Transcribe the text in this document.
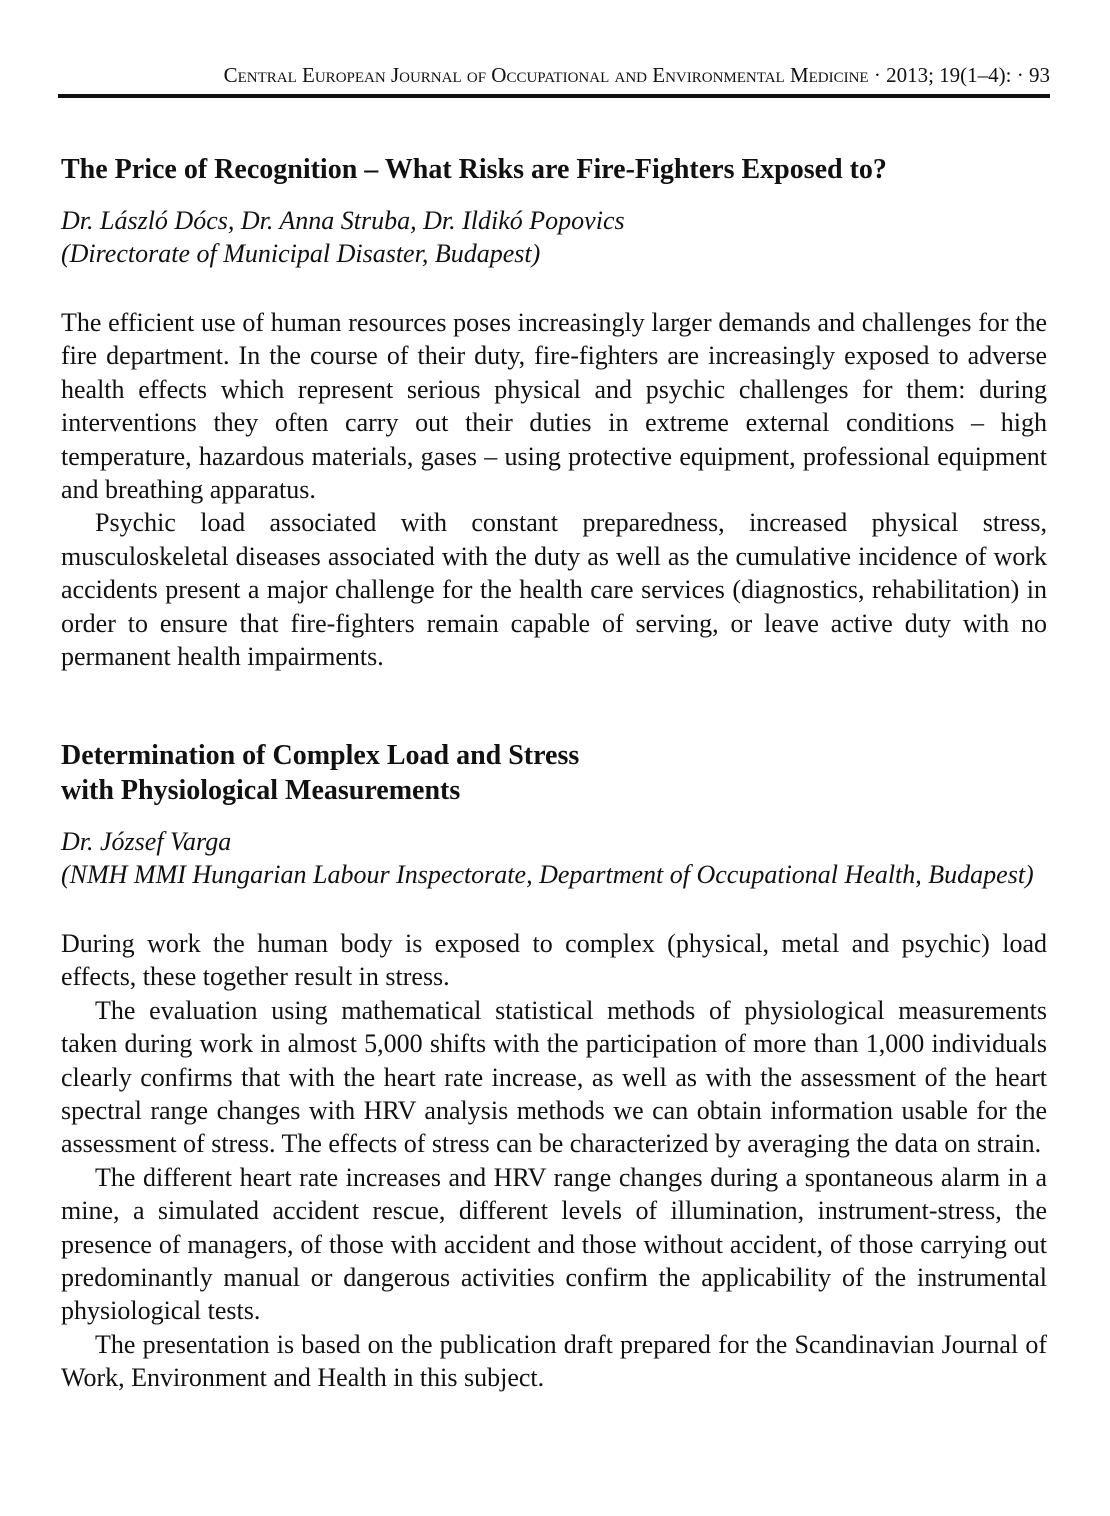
Central European Journal of Occupational and Environmental Medicine · 2013; 19(1–4): · 93
The Price of Recognition – What Risks are Fire-Fighters Exposed to?

Dr. László Dócs, Dr. Anna Struba, Dr. Ildikó Popovics

(Directorate of Municipal Disaster, Budapest)

The efficient use of human resources poses increasingly larger demands and challenges for the fire department. In the course of their duty, fire-fighters are increasingly exposed to adverse health effects which represent serious physical and psychic challenges for them: during interventions they often carry out their duties in extreme external conditions – high temperature, hazardous materials, gases – using protective equipment, professional equipment and breathing apparatus.

Psychic load associated with constant preparedness, increased physical stress, musculoskeletal diseases associated with the duty as well as the cumulative incidence of work accidents present a major challenge for the health care services (diagnostics, rehabilitation) in order to ensure that fire-fighters remain capable of serving, or leave active duty with no permanent health impairments.

Determination of Complex Load and Stress
with Physiological Measurements

Dr. József Varga

(NMH MMI Hungarian Labour Inspectorate, Department of Occupational Health, Budapest)

During work the human body is exposed to complex (physical, metal and psychic) load effects, these together result in stress.

The evaluation using mathematical statistical methods of physiological measurements taken during work in almost 5,000 shifts with the participation of more than 1,000 individuals clearly confirms that with the heart rate increase, as well as with the assessment of the heart spectral range changes with HRV analysis methods we can obtain information usable for the assessment of stress. The effects of stress can be characterized by averaging the data on strain.

The different heart rate increases and HRV range changes during a spontaneous alarm in a mine, a simulated accident rescue, different levels of illumination, instrument-stress, the presence of managers, of those with accident and those without accident, of those carrying out predominantly manual or dangerous activities confirm the applicability of the instrumental physiological tests.

The presentation is based on the publication draft prepared for the Scandinavian Journal of Work, Environment and Health in this subject.
